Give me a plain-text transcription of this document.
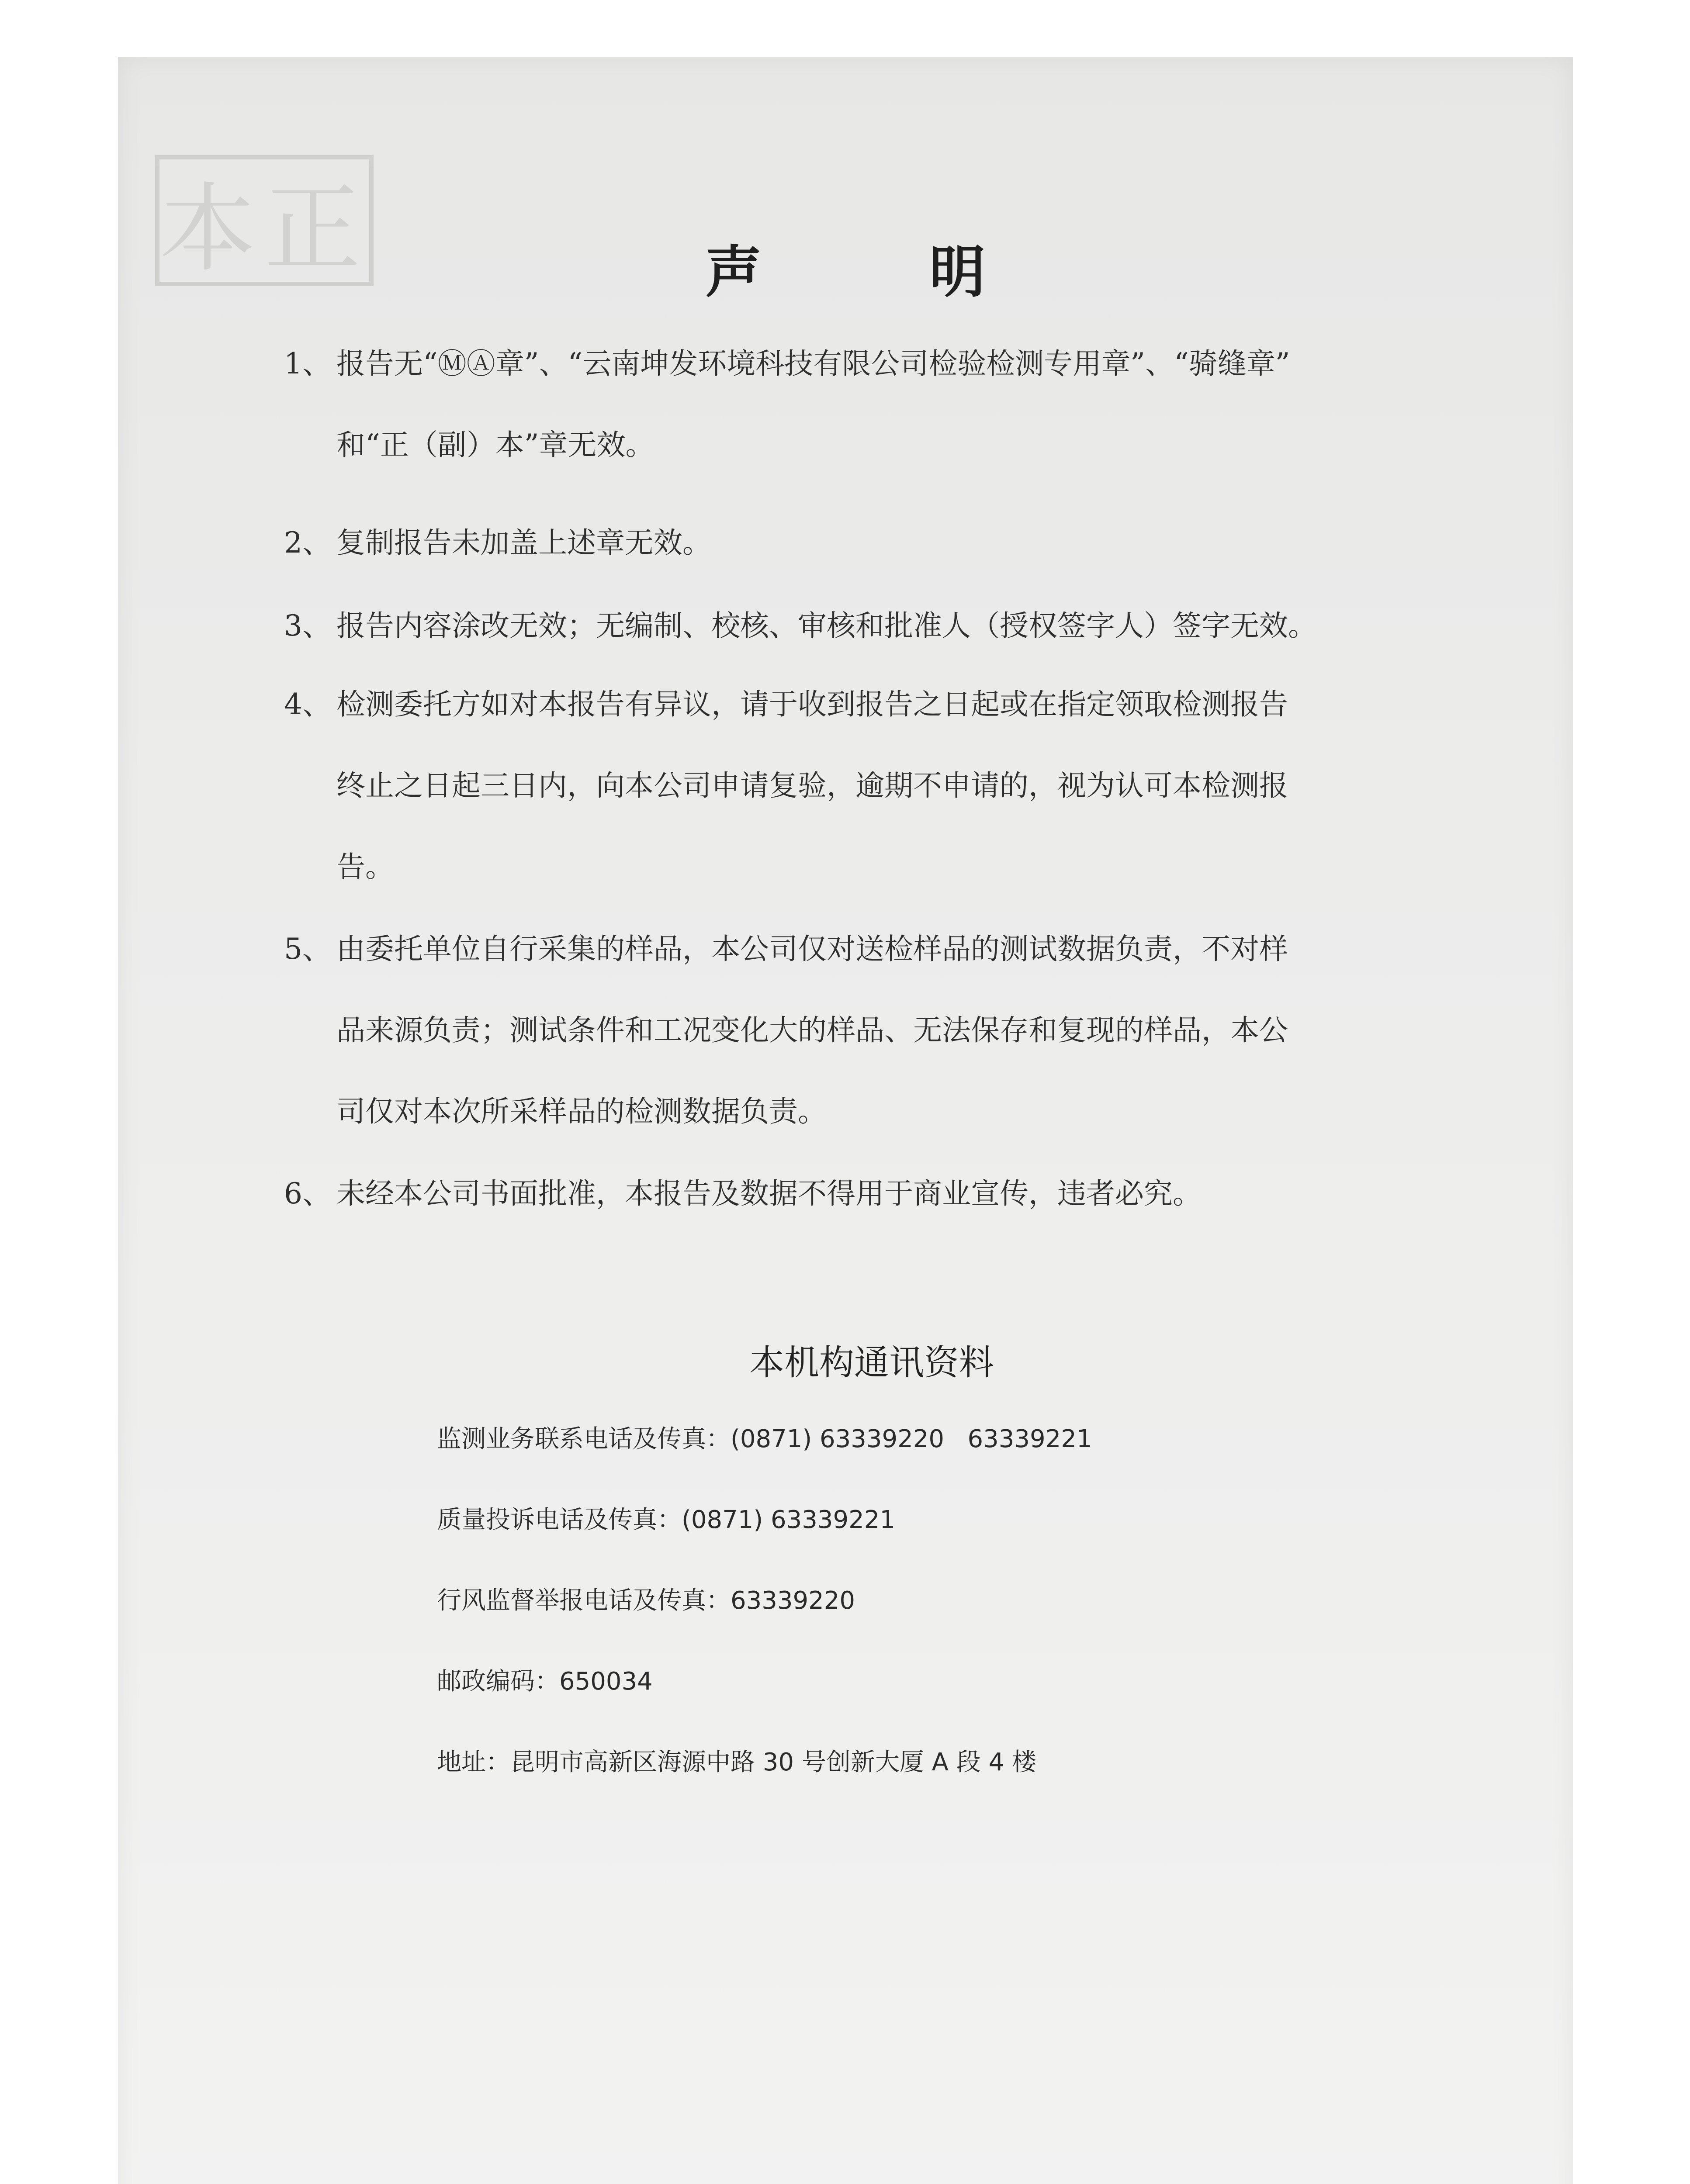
本正	声 明
1、 报告无“ⓂⒶ章”、“云南坤发环境科技有限公司检验检测专用章”、“骑缝章”
和“正（副）本”章无效。
2、 复制报告未加盖上述章无效。
3、 报告内容涂改无效；无编制、校核、审核和批准人（授权签字人）签字无效。
4、 检测委托方如对本报告有异议，请于收到报告之日起或在指定领取检测报告
终止之日起三日内，向本公司申请复验，逾期不申请的，视为认可本检测报
告。
5、 由委托单位自行采集的样品，本公司仅对送检样品的测试数据负责，不对样
品来源负责；测试条件和工况变化大的样品、无法保存和复现的样品，本公
司仅对本次所采样品的检测数据负责。
6、 未经本公司书面批准，本报告及数据不得用于商业宣传，违者必究。
本机构通讯资料
监测业务联系电话及传真：(0871) 63339220   63339221
质量投诉电话及传真：(0871) 63339221
行风监督举报电话及传真：63339220
邮政编码：650034
地址：昆明市高新区海源中路 30 号创新大厦 A 段 4 楼
